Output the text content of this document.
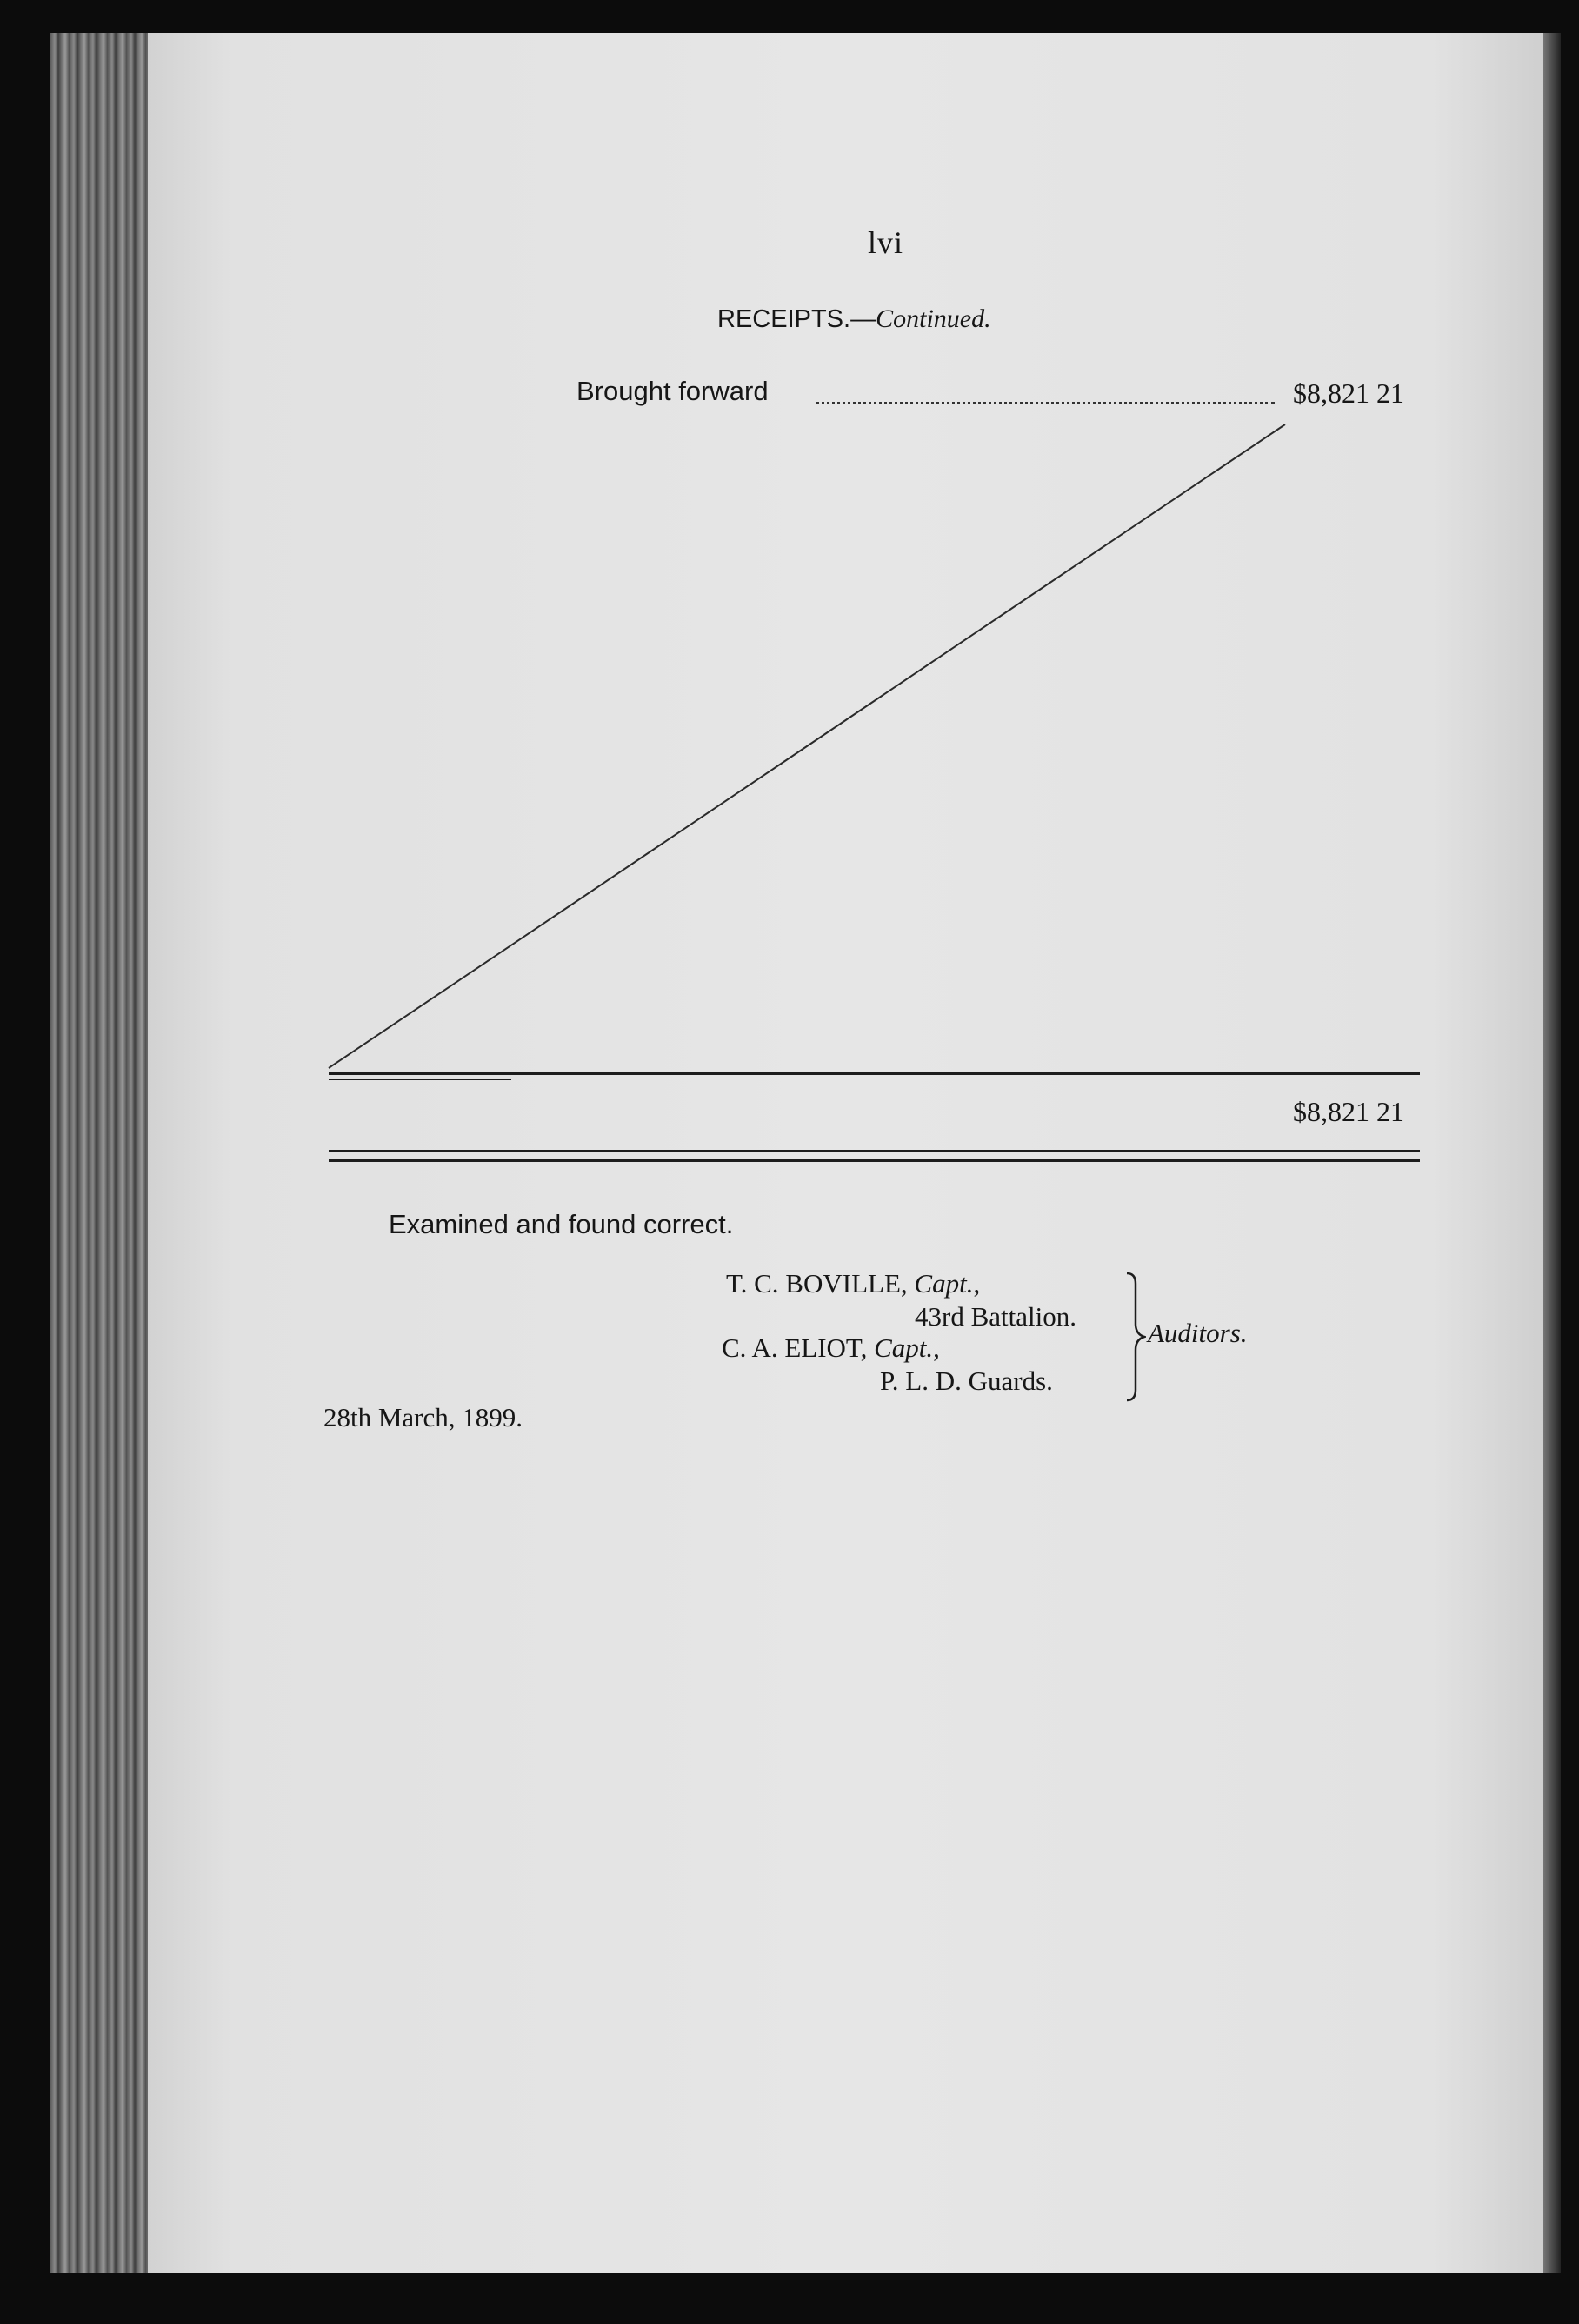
lvi
RECEIPTS.—Continued.
Brought forward	$8,821 21
$8,821 21
Examined and found correct.
T. C. BOVILLE, Capt.,
43rd Battalion.
C. A. ELIOT, Capt.,
P. L. D. Guards.
Auditors.
28th March, 1899.
